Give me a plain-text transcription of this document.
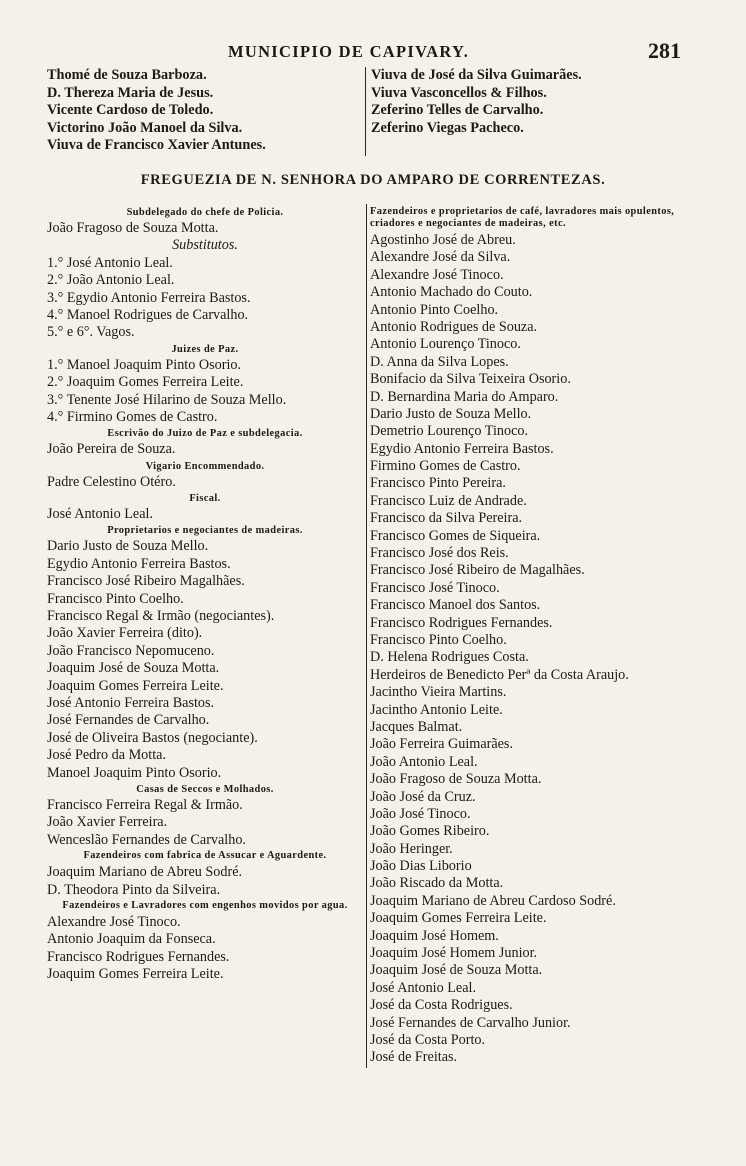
MUNICIPIO DE CAPIVARY.	281
Thomé de Souza Barboza.
D. Thereza Maria de Jesus.
Vicente Cardoso de Toledo.
Victorino João Manoel da Silva.
Viuva de Francisco Xavier Antunes.
Viuva de José da Silva Guimarães.
Viuva Vasconcellos & Filhos.
Zeferino Telles de Carvalho.
Zeferino Viegas Pacheco.
FREGUEZIA DE N. SENHORA DO AMPARO DE CORRENTEZAS.
Subdelegado do chefe de Policia.
João Fragoso de Souza Motta.
Substitutos.
1.° José Antonio Leal.
2.° João Antonio Leal.
3.° Egydio Antonio Ferreira Bastos.
4.° Manoel Rodrigues de Carvalho.
5.° e 6°. Vagos.
Juizes de Paz.
1.° Manoel Joaquim Pinto Osorio.
2.° Joaquim Gomes Ferreira Leite.
3.° Tenente José Hilarino de Souza Mello.
4.° Firmino Gomes de Castro.
Escrivão do Juizo de Paz e subdelegacia.
João Pereira de Souza.
Vigario Encommendado.
Padre Celestino Otéro.
Fiscal.
José Antonio Leal.
Proprietarios e negociantes de madeiras.
Dario Justo de Souza Mello.
Egydio Antonio Ferreira Bastos.
Francisco José Ribeiro Magalhães.
Francisco Pinto Coelho.
Francisco Regal & Irmão (negociantes).
João Xavier Ferreira (dito).
João Francisco Nepomuceno.
Joaquim José de Souza Motta.
Joaquim Gomes Ferreira Leite.
José Antonio Ferreira Bastos.
José Fernandes de Carvalho.
José de Oliveira Bastos (negociante).
José Pedro da Motta.
Manoel Joaquim Pinto Osorio.
Casas de Seccos e Molhados.
Francisco Ferreira Regal & Irmão.
João Xavier Ferreira.
Wenceslão Fernandes de Carvalho.
Fazendeiros com fabrica de Assucar e Aguardente.
Joaquim Mariano de Abreu Sodré.
D. Theodora Pinto da Silveira.
Fazendeiros e Lavradores com engenhos movidos por agua.
Alexandre José Tinoco.
Antonio Joaquim da Fonseca.
Francisco Rodrigues Fernandes.
Joaquim Gomes Ferreira Leite.
Fazendeiros e proprietarios de café, lavradores mais opulentos, criadores e negociantes de madeiras, etc.
Agostinho José de Abreu.
Alexandre José da Silva.
Alexandre José Tinoco.
Antonio Machado do Couto.
Antonio Pinto Coelho.
Antonio Rodrigues de Souza.
Antonio Lourenço Tinoco.
D. Anna da Silva Lopes.
Bonifacio da Silva Teixeira Osorio.
D. Bernardina Maria do Amparo.
Dario Justo de Souza Mello.
Demetrio Lourenço Tinoco.
Egydio Antonio Ferreira Bastos.
Firmino Gomes de Castro.
Francisco Pinto Pereira.
Francisco Luiz de Andrade.
Francisco da Silva Pereira.
Francisco Gomes de Siqueira.
Francisco José dos Reis.
Francisco José Ribeiro de Magalhães.
Francisco José Tinoco.
Francisco Manoel dos Santos.
Francisco Rodrigues Fernandes.
Francisco Pinto Coelho.
D. Helena Rodrigues Costa.
Herdeiros de Benedicto Perª da Costa Araujo.
Jacintho Vieira Martins.
Jacintho Antonio Leite.
Jacques Balmat.
João Ferreira Guimarães.
João Antonio Leal.
João Fragoso de Souza Motta.
João José da Cruz.
João José Tinoco.
João Gomes Ribeiro.
João Heringer.
João Dias Liborio
João Riscado da Motta.
Joaquim Mariano de Abreu Cardoso Sodré.
Joaquim Gomes Ferreira Leite.
Joaquim José Homem.
Joaquim José Homem Junior.
Joaquim José de Souza Motta.
José Antonio Leal.
José da Costa Rodrigues.
José Fernandes de Carvalho Junior.
José da Costa Porto.
José de Freitas.
